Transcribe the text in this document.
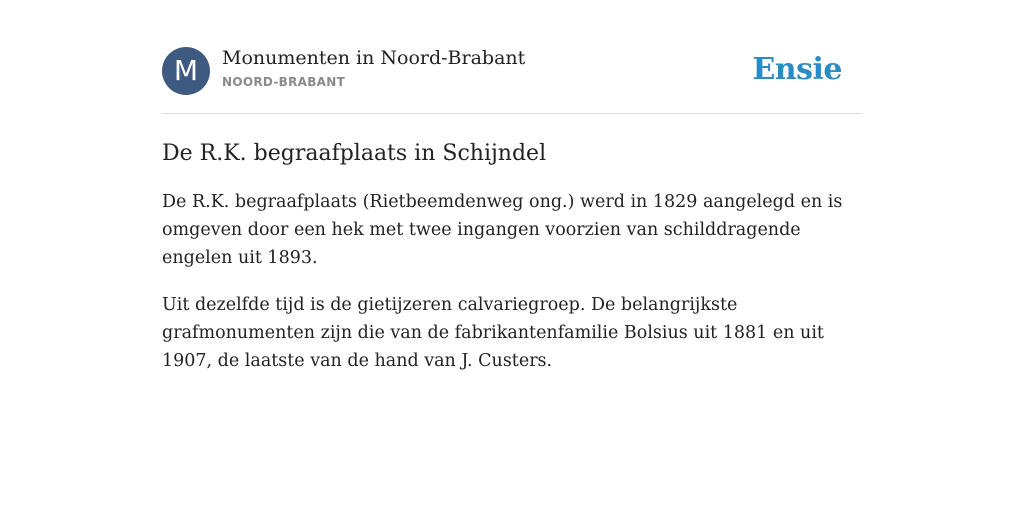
M	Monumenten in Noord-Brabant
NOORD-BRABANT	Ensie
De R.K. begraafplaats in Schijndel

De R.K. begraafplaats (Rietbeemdenweg ong.) werd in 1829 aangelegd en is omgeven door een hek met twee ingangen voorzien van schilddragende engelen uit 1893.

Uit dezelfde tijd is de gietijzeren calvariegroep. De belangrijkste grafmonumenten zijn die van de fabrikantenfamilie Bolsius uit 1881 en uit 1907, de laatste van de hand van J. Custers.
